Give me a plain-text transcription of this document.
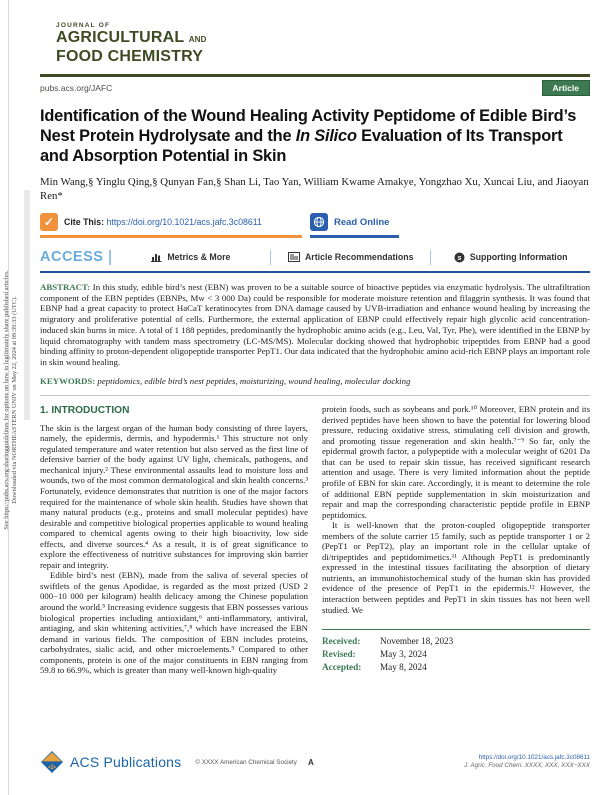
See https://pubs.acs.org/sharingguidelines for options on how to legitimately share published articles. Downloaded via NORTHEASTERN UNIV on May 22, 2024 at 09:39:33 (UTC).
JOURNAL OF
AGRICULTURAL AND
FOOD CHEMISTRY
pubs.acs.org/JAFC	Article
Identification of the Wound Healing Activity Peptidome of Edible Bird’s Nest Protein Hydrolysate and the In Silico Evaluation of Its Transport and Absorption Potential in Skin
Min Wang,§ Yinglu Qing,§ Qunyan Fan,§ Shan Li, Tao Yan, William Kwame Amakye, Yongzhao Xu, Xuncai Liu, and Jiaoyan Ren*
✓	Cite This: https://doi.org/10.1021/acs.jafc.3c08611	Read Online
ACCESS	Metrics & More	Article Recommendations	s Supporting Information
ABSTRACT: In this study, edible bird’s nest (EBN) was proven to be a suitable source of bioactive peptides via enzymatic hydrolysis. The ultrafiltration component of the EBN peptides (EBNPs, Mw < 3 000 Da) could be responsible for moderate moisture retention and filaggrin synthesis. It was found that EBNP had a great capacity to protect HaCaT keratinocytes from DNA damage caused by UVB-irradiation and enhance wound healing by increasing the migratory and proliferative potential of cells. Furthermore, the external application of EBNP could effectively repair high glycolic acid concentration-induced skin burns in mice. A total of 1 188 peptides, predominantly the hydrophobic amino acids (e.g., Leu, Val, Tyr, Phe), were identified in the EBNP by liquid chromatography with tandem mass spectrometry (LC-MS/MS). Molecular docking showed that hydrophobic tripeptides from EBNP had a good binding affinity to proton-dependent oligopeptide transporter PepT1. Our data indicated that the hydrophobic amino acid-rich EBNP plays an important role in skin wound healing.
KEYWORDS: peptidomics, edible bird’s nest peptides, moisturizing, wound healing, molecular docking
1. INTRODUCTION

The skin is the largest organ of the human body consisting of three layers, namely, the epidermis, dermis, and hypodermis.¹ This structure not only regulated temperature and water retention but also served as the first line of defensive barrier of the body against UV light, chemicals, pathogens, and mechanical injury.² These environmental assaults lead to moisture loss and wounds, two of the most common dermatological and skin health concerns.³ Fortunately, evidence demonstrates that nutrition is one of the major factors required for the maintenance of whole skin health. Studies have shown that many natural products (e.g., proteins and small molecular peptides) have desirable and competitive biological properties applicable to wound healing compared to chemical agents owing to their high bioactivity, low side effects, and diverse sources.⁴ As a result, it is of great significance to explore the effectiveness of nutritive substances for improving skin barrier repair and integrity.

Edible bird’s nest (EBN), made from the saliva of several species of swiftlets of the genus Apodidae, is regarded as the most prized (USD 2 000−10 000 per kilogram) health delicacy among the Chinese population around the world.⁵ Increasing evidence suggests that EBN possesses various biological properties including antioxidant,⁶ anti-inflammatory, antiviral, antiaging, and skin whitening activities,⁷,⁸ which have increased the EBN demand in various fields. The composition of EBN includes proteins, carbohydrates, sialic acid, and other microelements.⁹ Compared to other components, protein is one of the major constituents in EBN ranging from 59.8 to 66.9%, which is greater than many well-known high-quality

protein foods, such as soybeans and pork.¹⁰ Moreover, EBN protein and its derived peptides have been shown to have the potential for lowering blood pressure, reducing oxidative stress, stimulating cell division and growth, and promoting tissue regeneration and skin health.⁷⁻⁹ So far, only the epidermal growth factor, a polypeptide with a molecular weight of 6201 Da that can be used to repair skin tissue, has received significant research attention and usage. There is very limited information about the peptide profile of EBN for skin care. Accordingly, it is meant to determine the role of additional EBN peptide supplementation in skin moisturization and repair and map the corresponding characteristic peptide profile in EBNP peptidomics.

It is well-known that the proton-coupled oligopeptide transporter members of the solute carrier 15 family, such as peptide transporter 1 or 2 (PepT1 or PepT2), play an important role in the cellular uptake of di/tripeptides and peptidomimetics.¹¹ Although PepT1 is predominantly expressed in the intestinal tissues facilitating the absorption of dietary nutrients, an immunohistochemical study of the human skin has provided evidence of the presence of PepT1 in the epidermis.¹² However, the interaction between peptides and PepT1 in skin tissues has not been well studied. We

Received:	November 18, 2023
Revised:	May 3, 2024
Accepted:	May 8, 2024
•2• ACS Publications © XXXX American Chemical Society
https://doi.org/10.1021/acs.jafc.3c08611
J. Agric. Food Chem. XXXX, XXX, XXX−XXX
A
